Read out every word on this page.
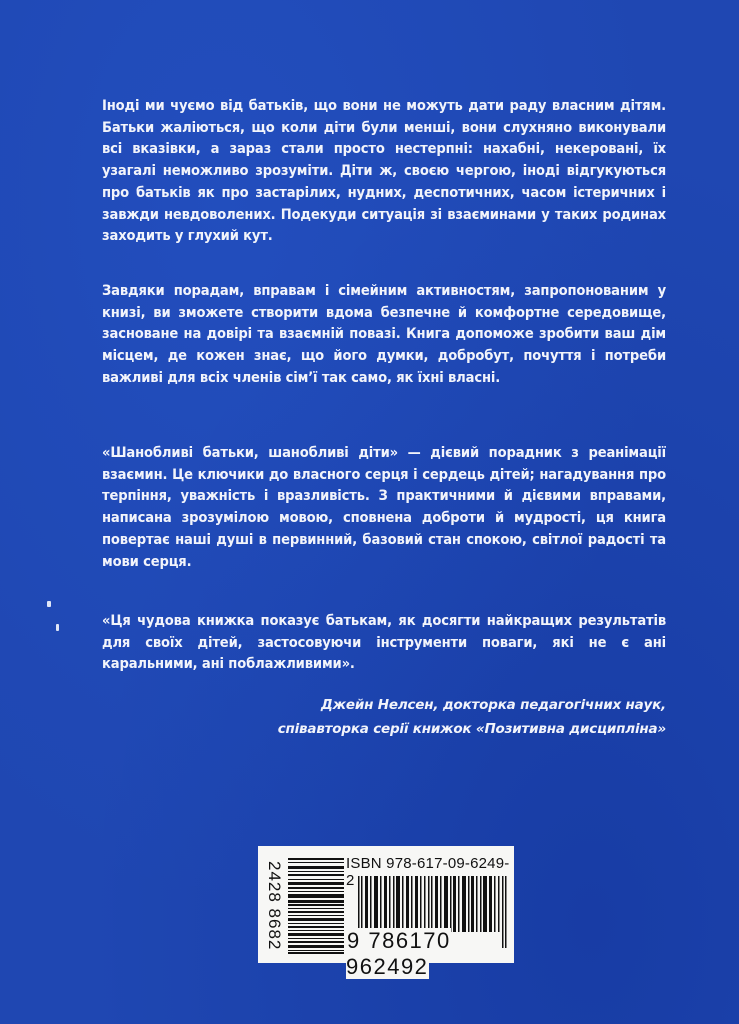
Іноді ми чуємо від батьків, що вони не можуть дати раду власним дітям. Батьки жаліються, що коли діти були менші, вони слухняно виконували всі вказівки, а зараз стали просто нестерпні: нахабні, некеровані, їх узагалі неможливо зрозуміти. Діти ж, своєю чергою, іноді відгукуються про батьків як про застарілих, нудних, деспотичних, часом істеричних і завжди невдоволених. Подекуди ситуація зі взаєминами у таких родинах заходить у глухий кут.
Завдяки порадам, вправам і сімейним активностям, запропонованим у книзі, ви зможете створити вдома безпечне й комфортне середовище, засноване на довірі та взаємній повазі. Книга допоможе зробити ваш дім місцем, де кожен знає, що його думки, добробут, почуття і потреби важливі для всіх членів сім’ї так само, як їхні власні.
«Шанобливі батьки, шанобливі діти» — дієвий порадник з реанімації взаємин. Це ключики до власного серця і сердець дітей; нагадування про терпіння, уважність і вразливість. З практичними й дієвими вправами, написана зрозумілою мовою, сповнена доброти й мудрості, ця книга повертає наші душі в первинний, базовий стан спокою, світлої радості та мови серця.
«Ця чудова книжка показує батькам, як досягти найкращих результатів для своїх дітей, застосовуючи інструменти поваги, які не є ані каральними, ані поблажливими».
Джейн Нелсен, докторка педагогічних наук,
співавторка серії книжок «Позитивна дисципліна»
2428 8682	ISBN 978-617-09-6249-2
9 786170 962492
